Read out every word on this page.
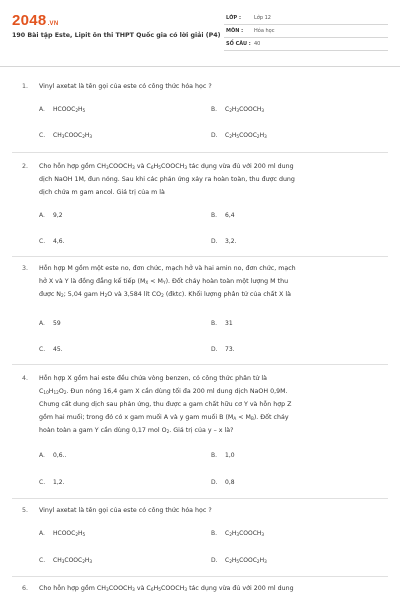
2048.VN
190 Bài tập Este, Lipit ôn thi THPT Quốc gia có lời giải (P4)
LỚP :	Lớp 12
MÔN : Hóa học
SỐ CÂU : 40
1. Vinyl axetat là tên gọi của este có công thức hóa học ?
A. $HCOOC_2H_5$	B. $C_2H_3COOCH_3$
C. $CH_3COOC_2H_3$	D. $C_2H_5COOC_2H_3$
2. Cho hỗn hợp gồm $CH_3COOCH_3$ và $C_6H_5COOCH_3$ tác dụng vừa đủ với 200 ml dung
dịch NaOH 1M, đun nóng. Sau khi các phản ứng xảy ra hoàn toàn, thu được dung
dịch chứa m gam ancol. Giá trị của m là
A. 9,2	B. 6,4
C. 4,6.	D. 3,2.
3. Hỗn hợp M gồm một este no, đơn chức, mạch hở và hai amin no, đơn chức, mạch
hở X và Y là đồng đẳng kế tiếp $(M_X < M_Y)$. Đốt cháy hoàn toàn một lượng M thu
được $N_2$; 5,04 gam $H_2O$ và 3,584 lít $CO_2$ (đktc). Khối lượng phân tử của chất X là
A. 59	B. 31
C. 45.	D. 73.
4. Hỗn hợp X gồm hai este đều chứa vòng benzen, có công thức phân tử là
$C_{10}H_{12}O_2$. Đun nóng 16,4 gam X cần dùng tối đa 200 ml dung dịch NaOH 0,9M.
Chưng cất dung dịch sau phản ứng, thu được a gam chất hữu cơ Y và hỗn hợp Z
gồm hai muối; trong đó có x gam muối A và y gam muối B $(M_A < M_B)$. Đốt cháy
hoàn toàn a gam Y cần dùng 0,17 mol $O_2$. Giá trị của y – x là?
A. 0,6..	B. 1,0
C. 1,2.	D. 0,8
5. Vinyl axetat là tên gọi của este có công thức hóa học ?
A. $HCOOC_2H_5$	B. $C_2H_3COOCH_3$
C. $CH_3COOC_2H_3$	D. $C_2H_5COOC_2H_3$
6. Cho hỗn hợp gồm $CH_3COOCH_3$ và $C_6H_5COOCH_3$ tác dụng vừa đủ với 200 ml dung
